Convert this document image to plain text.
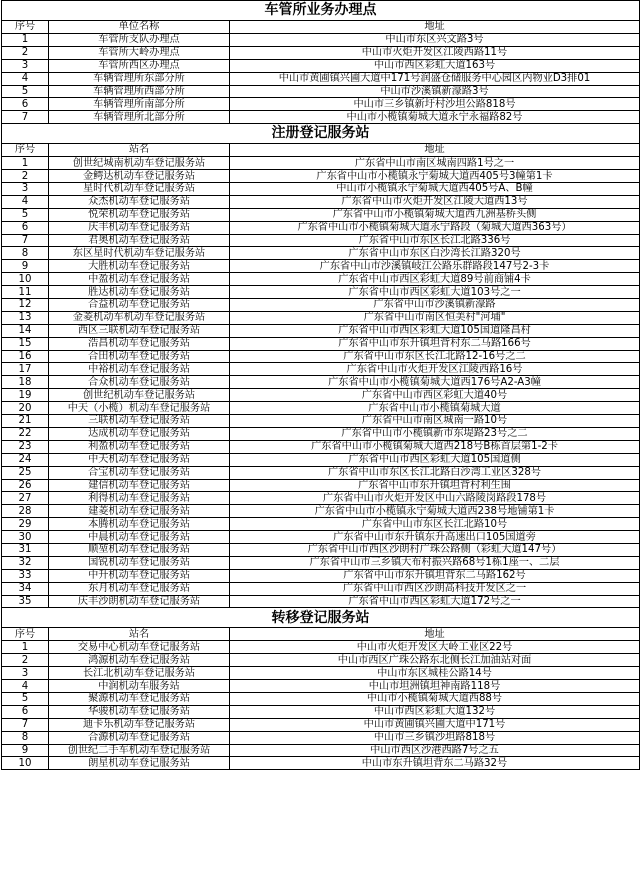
车管所业务办理点		
序号	单位名称	地址
1	车管所支队办理点	中山市东区兴文路3号
2	车管所大岭办理点	中山市火炬开发区江陵西路11号
3	车管所西区办理点	中山市西区彩虹大道163号
4	车辆管理所东部分所	中山市黄圃镇兴圃大道中171号润盛仓储服务中心园区内物业D3排01
5	车辆管理所西部分所	中山市沙溪镇新濠路3号
6	车辆管理所南部分所	中山市三乡镇新圩村沙坦公路818号
7	车辆管理所北部分所	中山市小榄镇菊城大道永宁永福路82号
注册登记服务站		
序号	站名	地址
1	创世纪城南机动车登记服务站	广东省中山市南区城南四路1号之一
2	金鳄达机动车登记服务站	广东省中山市小榄镇永宁菊城大道西405号3幢第1卡
3	星时代机动车登记服务站	中山市小榄镇永宁菊城大道西405号A、B幢
4	众杰机动车登记服务站	广东省中山市火炬开发区江陵大道西13号
5	悦荣机动车登记服务站	广东省中山市小榄镇菊城大道西九洲基桥头侧
6	庆丰机动车登记服务站	广东省中山市小榄镇菊城大道永宁路段（菊城大道西363号）
7	君奥机动车登记服务站	广东省中山市东区长江北路336号
8	东区星时代机动车登记服务站	广东省中山市东区白沙湾长江路320号
9	大胜机动车登记服务站	广东省中山市沙溪镇岐江公路乐群路段147号2-3卡
10	中盈机动车登记服务站	广东省中山市西区彩虹大道89号前商铺4卡
11	胜达机动车登记服务站	广东省中山市西区彩虹大道103号之一
12	合益机动车登记服务站	广东省中山市沙溪镇新濠路
13	金菱机动车机动车登记服务站	广东省中山市南区恒美村"河埔"
14	西区三联机动车登记服务站	广东省中山市西区彩虹大道105国道隆昌村
15	浩昌机动车登记服务站	广东省中山市东升镇坦背村东二马路166号
16	合田机动车登记服务站	广东省中山市东区长江北路12-16号之二
17	中裕机动车登记服务站	广东省中山市火炬开发区江陵西路16号
18	合众机动车登记服务站	广东省中山市小榄镇菊城大道西176号A2-A3幢
19	创世纪机动车登记服务站	广东省中山市西区彩虹大道40号
20	中天（小榄）机动车登记服务站	广东省中山市小榄镇菊城大道
21	三联机动车登记服务站	广东省中山市南区城南一路10号
22	达成机动车登记服务站	广东省中山市小榄镇新市东堤路23号之二
23	利盈机动车登记服务站	广东省中山市小榄镇菊城大道西218号B栋首层第1-2卡
24	中天机动车登记服务站	广东省中山市西区彩虹大道105国道侧
25	合宝机动车登记服务站	广东省中山市东区长江北路白沙湾工业区328号
26	建信机动车登记服务站	广东省中山市东升镇坦背村利生围
27	利得机动车登记服务站	广东省中山市火炬开发区中山六路陵岗路段178号
28	建菱机动车登记服务站	广东省中山市小榄镇永宁菊城大道西238号地铺第1卡
29	本腾机动车登记服务站	广东省中山市东区长江北路10号
30	中晨机动车登记服务站	广东省中山市东升镇东升高速出口105国道旁
31	顺堃机动车登记服务站	广东省中山市西区沙朗村广珠公路侧（彩虹大道147号）
32	国锐机动车登记服务站	广东省中山市三乡镇大布村振兴路68号1栋1座一、二层
33	中升机动车登记服务站	广东省中山市东升镇坦背东二马路162号
34	东月机动车登记服务站	广东省中山市西区沙朗高科技开发区之一
35	庆丰沙朗机动车登记服务站	广东省中山市西区彩虹大道172号之一
转移登记服务站		
序号	站名	地址
1	交易中心机动车登记服务站	中山市火炬开发区大岭工业区22号
2	鸿源机动车登记服务站	中山市西区广珠公路东北侧长江加油站对面
3	长江北机动车登记服务站	中山市东区城桂公路14号
4	中润机动车服务站	中山市坦洲镇坦神南路118号
5	聚源机动车登记服务站	中山市小榄镇菊城大道西88号
6	华骏机动车登记服务站	中山市西区彩虹大道132号
7	迪卡乐机动车登记服务站	中山市黄圃镇兴圃大道中171号
8	合源机动车登记服务站	中山市三乡镇沙坦路818号
9	创世纪二手车机动车登记服务站	中山市西区沙港西路7号之五
10	朗星机动车登记服务站	中山市东升镇坦背东二马路32号
